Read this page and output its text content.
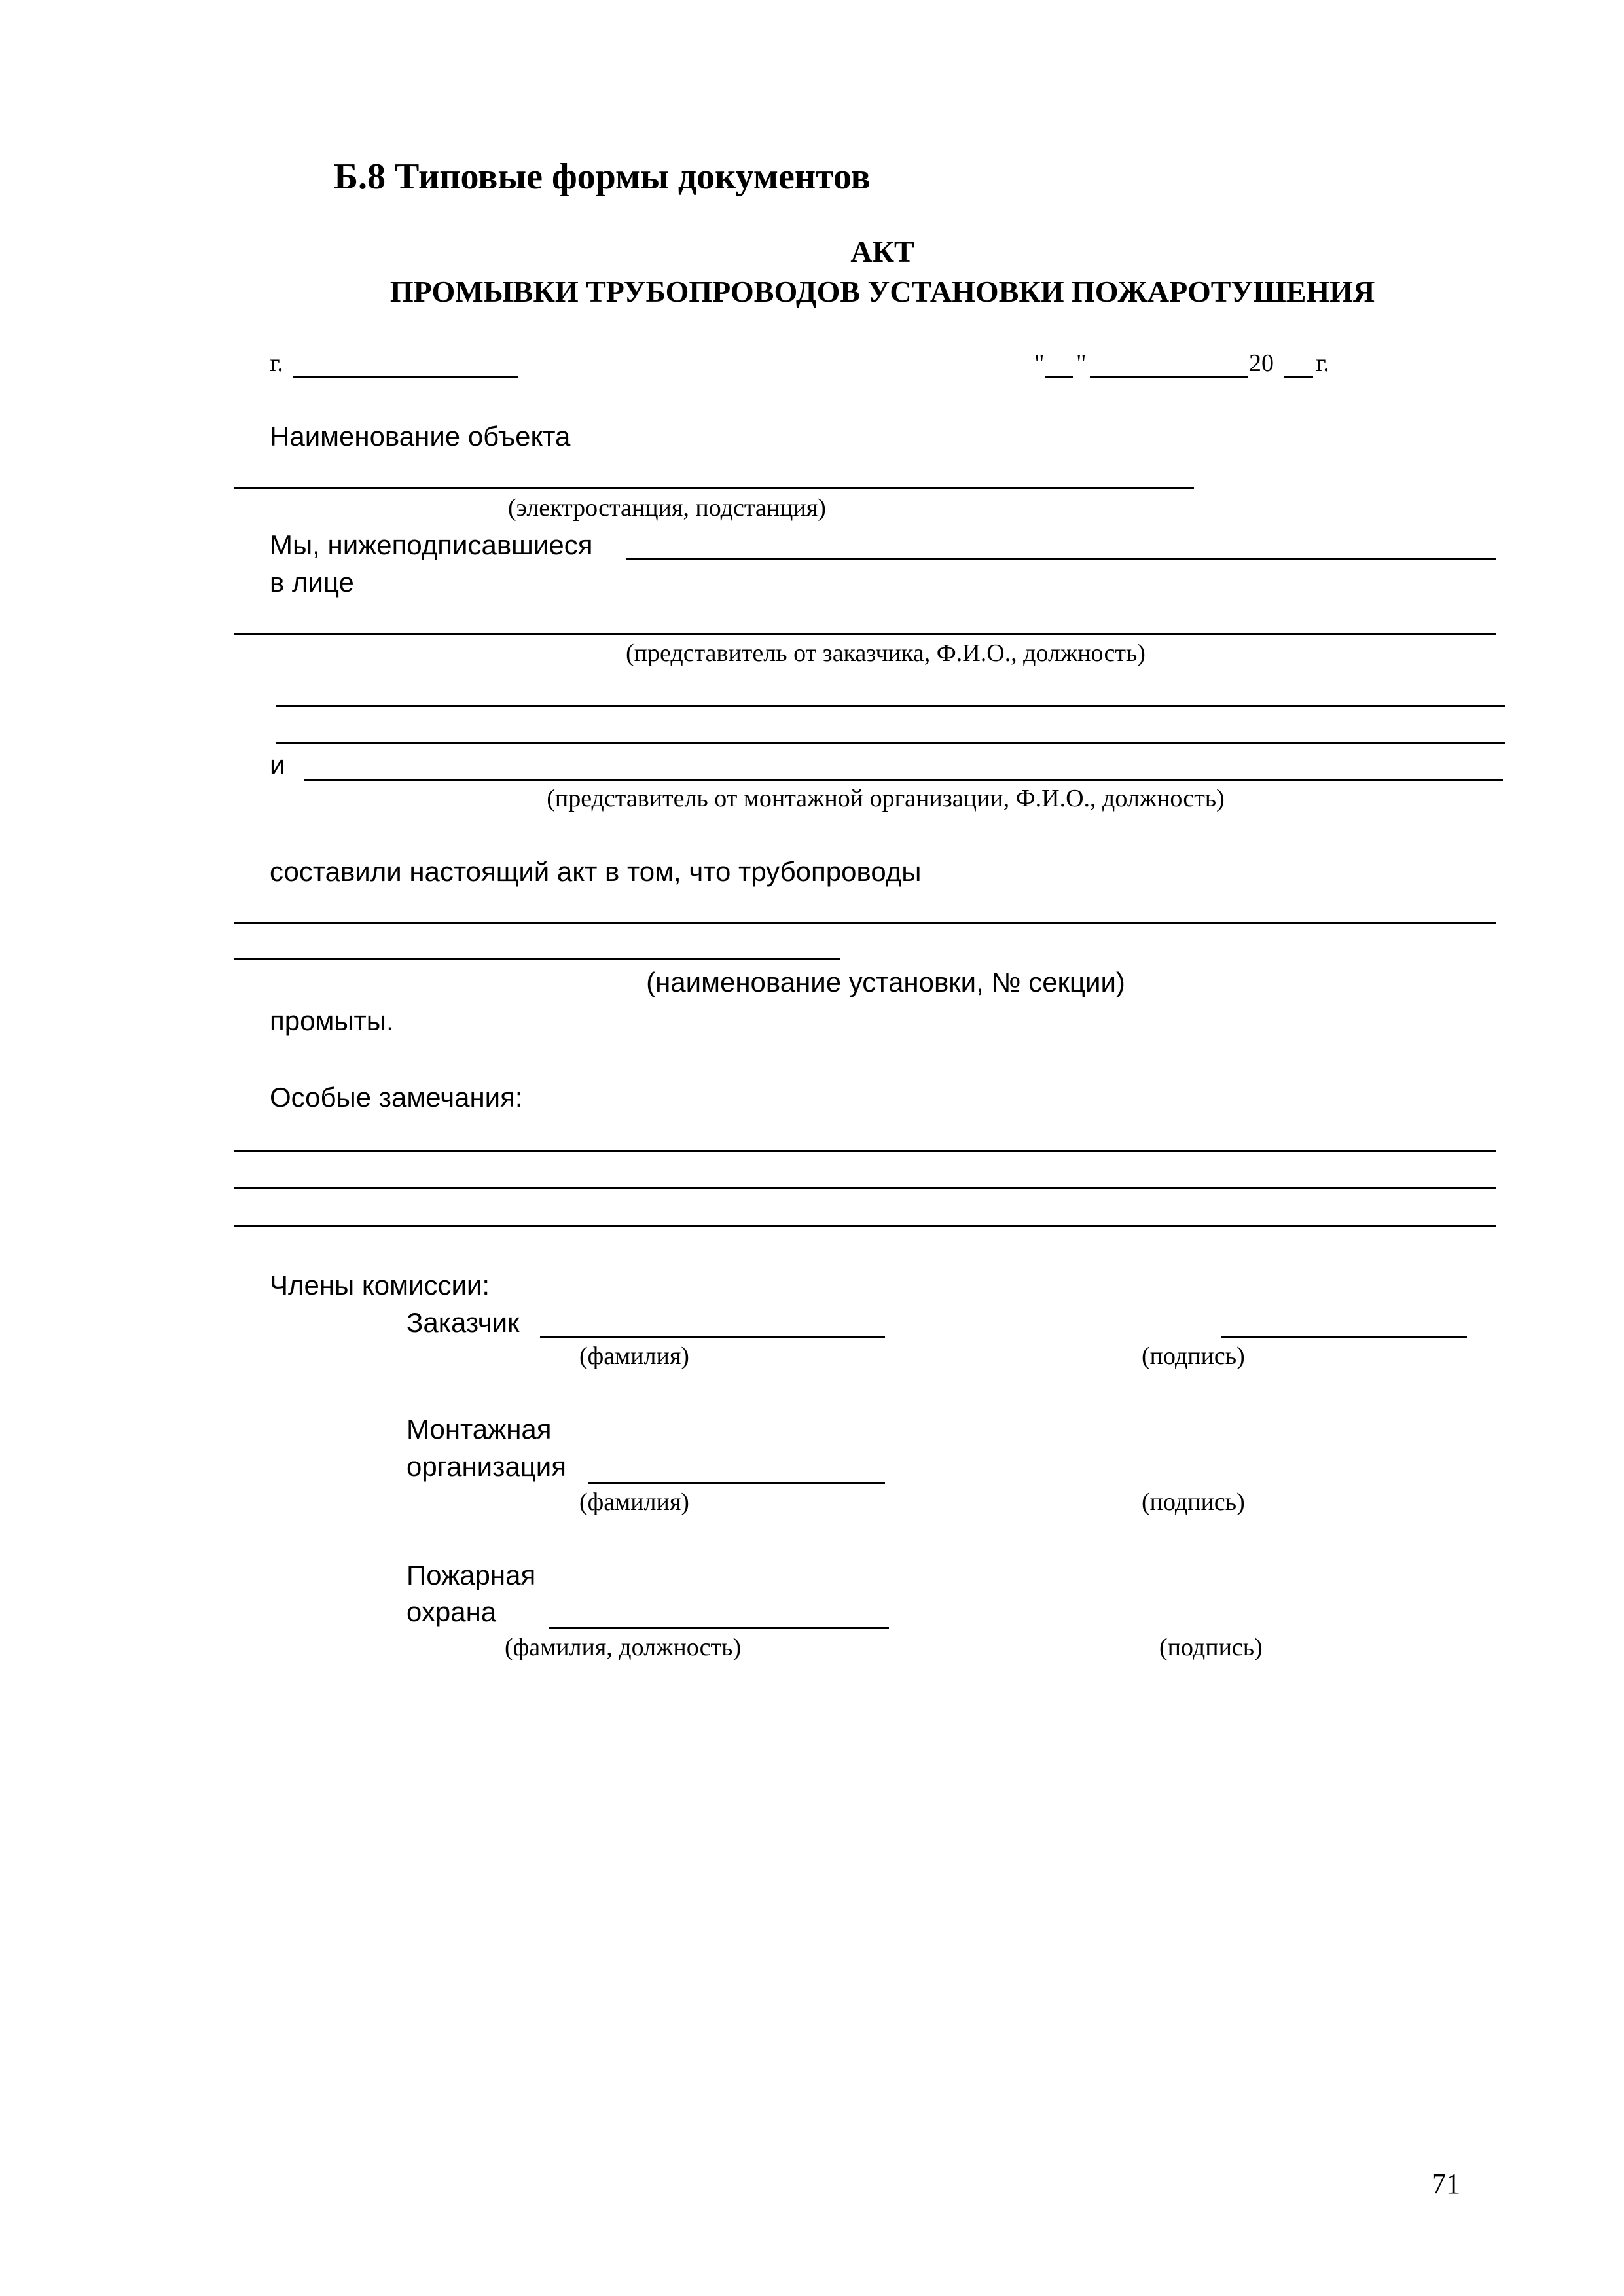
Б.8 Типовые формы документов
АКТ
ПРОМЫВКИ ТРУБОПРОВОДОВ УСТАНОВКИ ПОЖАРОТУШЕНИЯ
г.	" "	20 г.
Наименование объекта
(электростанция, подстанция)
Мы, нижеподписавшиеся
в лице
(представитель от заказчика, Ф.И.О., должность)
и
(представитель от монтажной организации, Ф.И.О., должность)
составили настоящий акт в том, что трубопроводы
(наименование установки, № секции)
промыты.
Особые замечания:
Члены комиссии:
Заказчик
(фамилия)	(подпись)
Монтажная
организация
(фамилия)	(подпись)
Пожарная
охрана
(фамилия, должность)	(подпись)
71
